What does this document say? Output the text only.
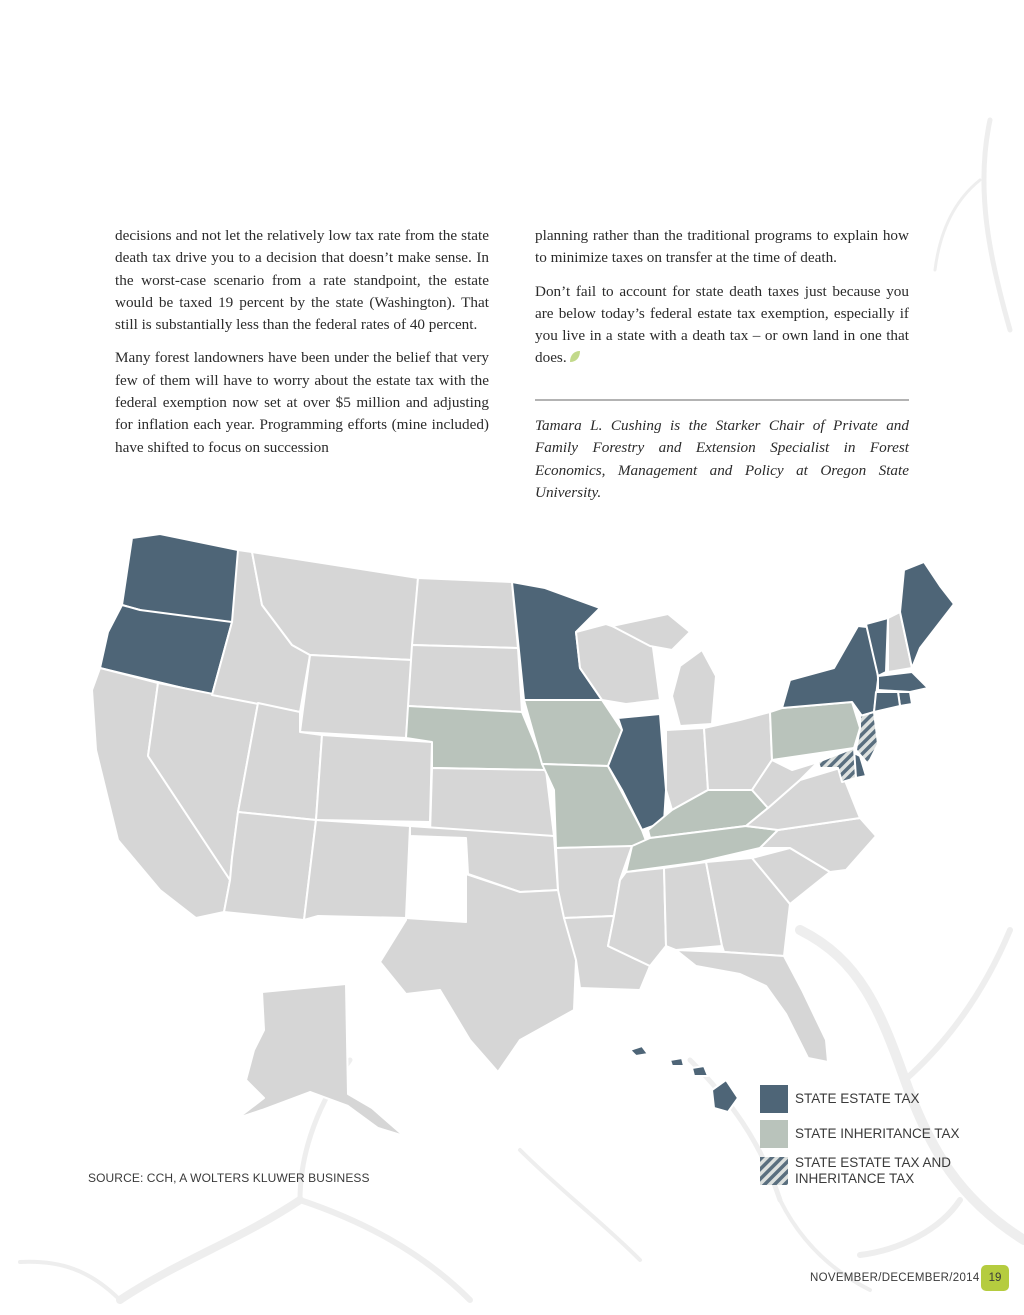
decisions and not let the relatively low tax rate from the state death tax drive you to a decision that doesn’t make sense. In the worst-case scenario from a rate standpoint, the estate would be taxed 19 percent by the state (Washington). That still is substantially less than the federal rates of 40 percent.

Many forest landowners have been under the belief that very few of them will have to worry about the estate tax with the federal exemption now set at over $5 million and adjusting for inflation each year. Programming efforts (mine included) have shifted to focus on succession

planning rather than the traditional programs to explain how to minimize taxes on transfer at the time of death.

Don’t fail to account for state death taxes just because you are below today’s federal estate tax exemption, especially if you live in a state with a death tax – or own land in one that does.

Tamara L. Cushing is the Starker Chair of Private and Family Forestry and Extension Specialist in Forest Economics, Management and Policy at Oregon State University.
STATE ESTATE TAX
STATE INHERITANCE TAX
STATE ESTATE TAX AND INHERITANCE TAX
SOURCE: CCH, A WOLTERS KLUWER BUSINESS
NOVEMBER/DECEMBER/2014 19
